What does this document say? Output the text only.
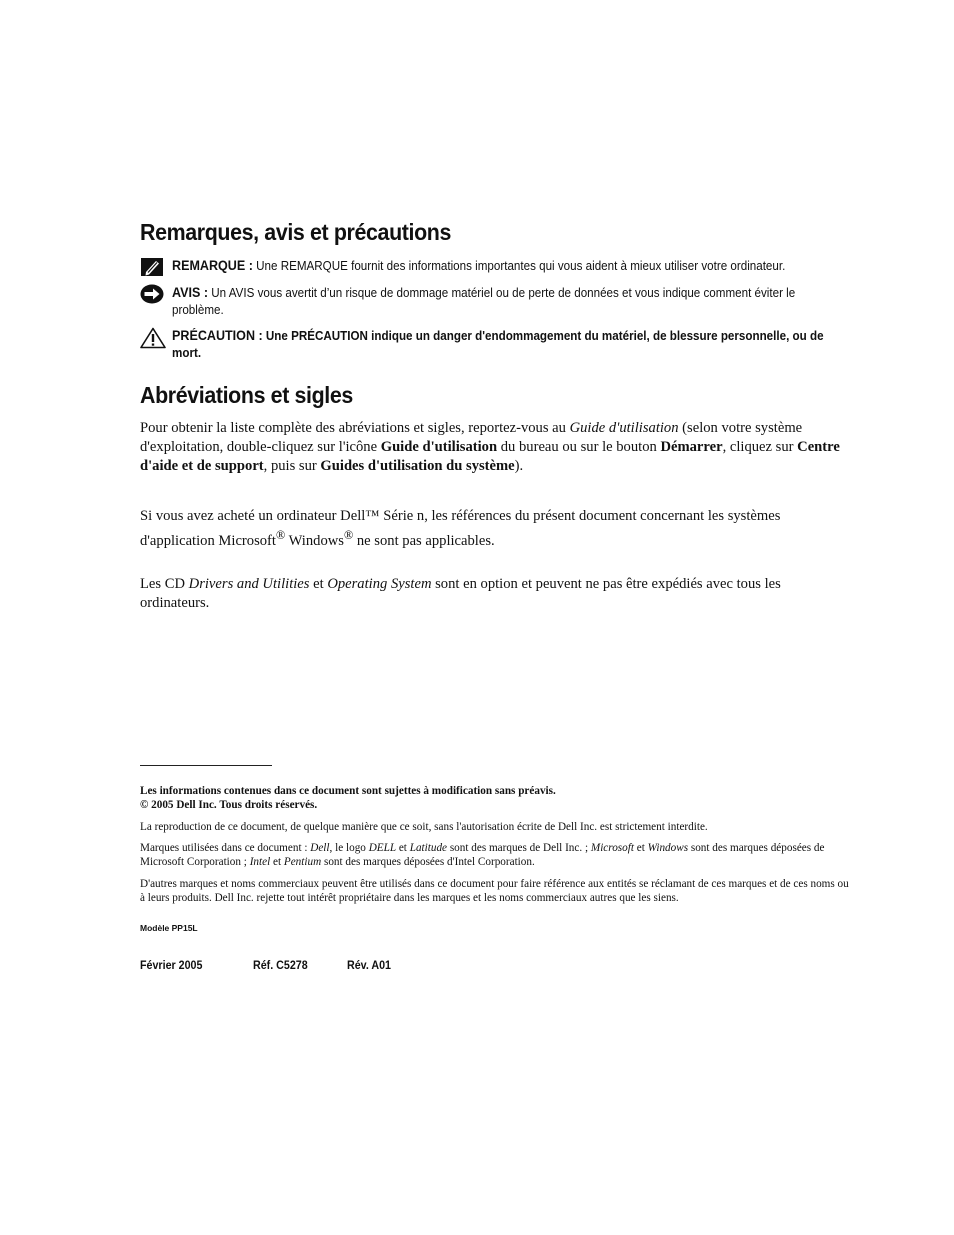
Remarques, avis et précautions
REMARQUE : Une REMARQUE fournit des informations importantes qui vous aident à mieux utiliser votre ordinateur.
AVIS : Un AVIS vous avertit d’un risque de dommage matériel ou de perte de données et vous indique comment éviter le problème.
PRÉCAUTION : Une PRÉCAUTION indique un danger d'endommagement du matériel, de blessure personnelle, ou de mort.
Abréviations et sigles

Pour obtenir la liste complète des abréviations et sigles, reportez-vous au Guide d'utilisation (selon votre système d'exploitation, double-cliquez sur l'icône Guide d'utilisation du bureau ou sur le bouton Démarrer, cliquez sur Centre d'aide et de support, puis sur Guides d'utilisation du système).

Si vous avez acheté un ordinateur Dell™ Série n, les références du présent document concernant les systèmes d'application Microsoft® Windows® ne sont pas applicables.

Les CD Drivers and Utilities et Operating System sont en option et peuvent ne pas être expédiés avec tous les ordinateurs.

Les informations contenues dans ce document sont sujettes à modification sans préavis.
© 2005 Dell Inc. Tous droits réservés.

La reproduction de ce document, de quelque manière que ce soit, sans l'autorisation écrite de Dell Inc. est strictement interdite.

Marques utilisées dans ce document : Dell, le logo DELL et Latitude sont des marques de Dell Inc. ; Microsoft et Windows sont des marques déposées de Microsoft Corporation ; Intel et Pentium sont des marques déposées d'Intel Corporation.

D'autres marques et noms commerciaux peuvent être utilisés dans ce document pour faire référence aux entités se réclamant de ces marques et de ces noms ou à leurs produits. Dell Inc. rejette tout intérêt propriétaire dans les marques et les noms commerciaux autres que les siens.

Modèle PP15L
Février 2005	Réf. C5278	Rév. A01
